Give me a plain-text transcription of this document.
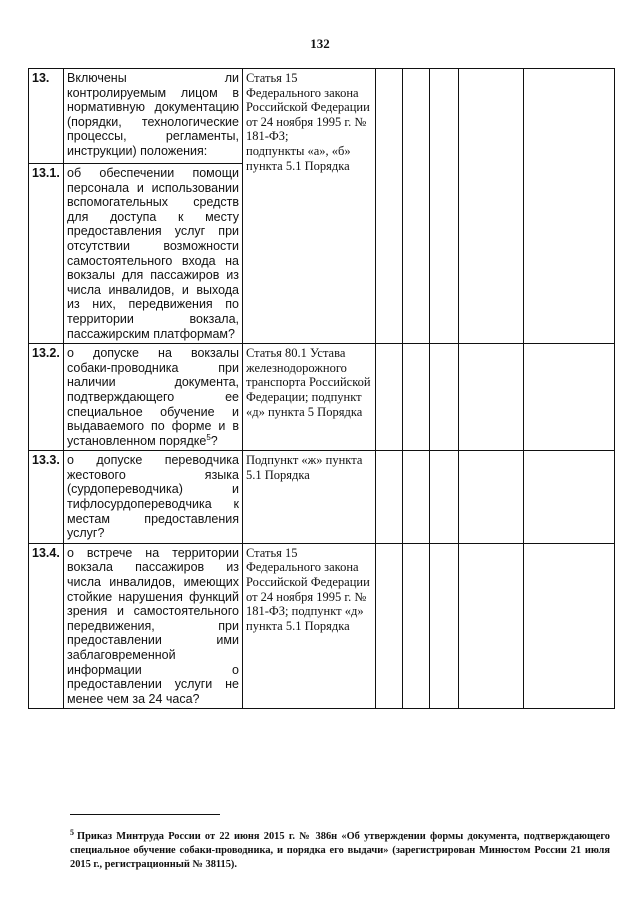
132
13.	Включены ли контролируемым лицом в нормативную документацию (порядки, технологические процессы, регламенты, инструкции) положения:	Статья 15 Федерального закона Российской Федерации от 24 ноября 1995 г. № 181-ФЗ;
подпункты «а», «б» пункта 5.1 Порядка					
13.1.	об обеспечении помощи персонала и использовании вспомогательных средств для доступа к месту предоставления услуг при отсутствии возможности самостоятельного входа на вокзалы для пассажиров из числа инвалидов, и выхода из них, передвижения по территории вокзала, пассажирским платформам?						
13.2.	о допуске на вокзалы собаки-проводника при наличии документа, подтверждающего ее специальное обучение и выдаваемого по форме и в установленном порядке$^5$?	Статья 80.1 Устава железнодорожного транспорта Российской Федерации; подпункт «д» пункта 5 Порядка					
13.3.	о допуске переводчика жестового языка (сурдопереводчика) и тифлосурдопереводчика к местам предоставления услуг?	Подпункт «ж» пункта 5.1 Порядка					
13.4.	о встрече на территории вокзала пассажиров из числа инвалидов, имеющих стойкие нарушения функций зрения и самостоятельного передвижения, при предоставлении ими заблаговременной информации о предоставлении услуги не менее чем за 24 часа?	Статья 15 Федерального закона Российской Федерации от 24 ноября 1995 г. № 181-ФЗ; подпункт «д» пункта 5.1 Порядка					
$^5$ Приказ Минтруда России от 22 июня 2015 г. № 386н «Об утверждении формы документа, подтверждающего специальное обучение собаки-проводника, и порядка его выдачи» (зарегистрирован Минюстом России 21 июля 2015 г., регистрационный № 38115).
